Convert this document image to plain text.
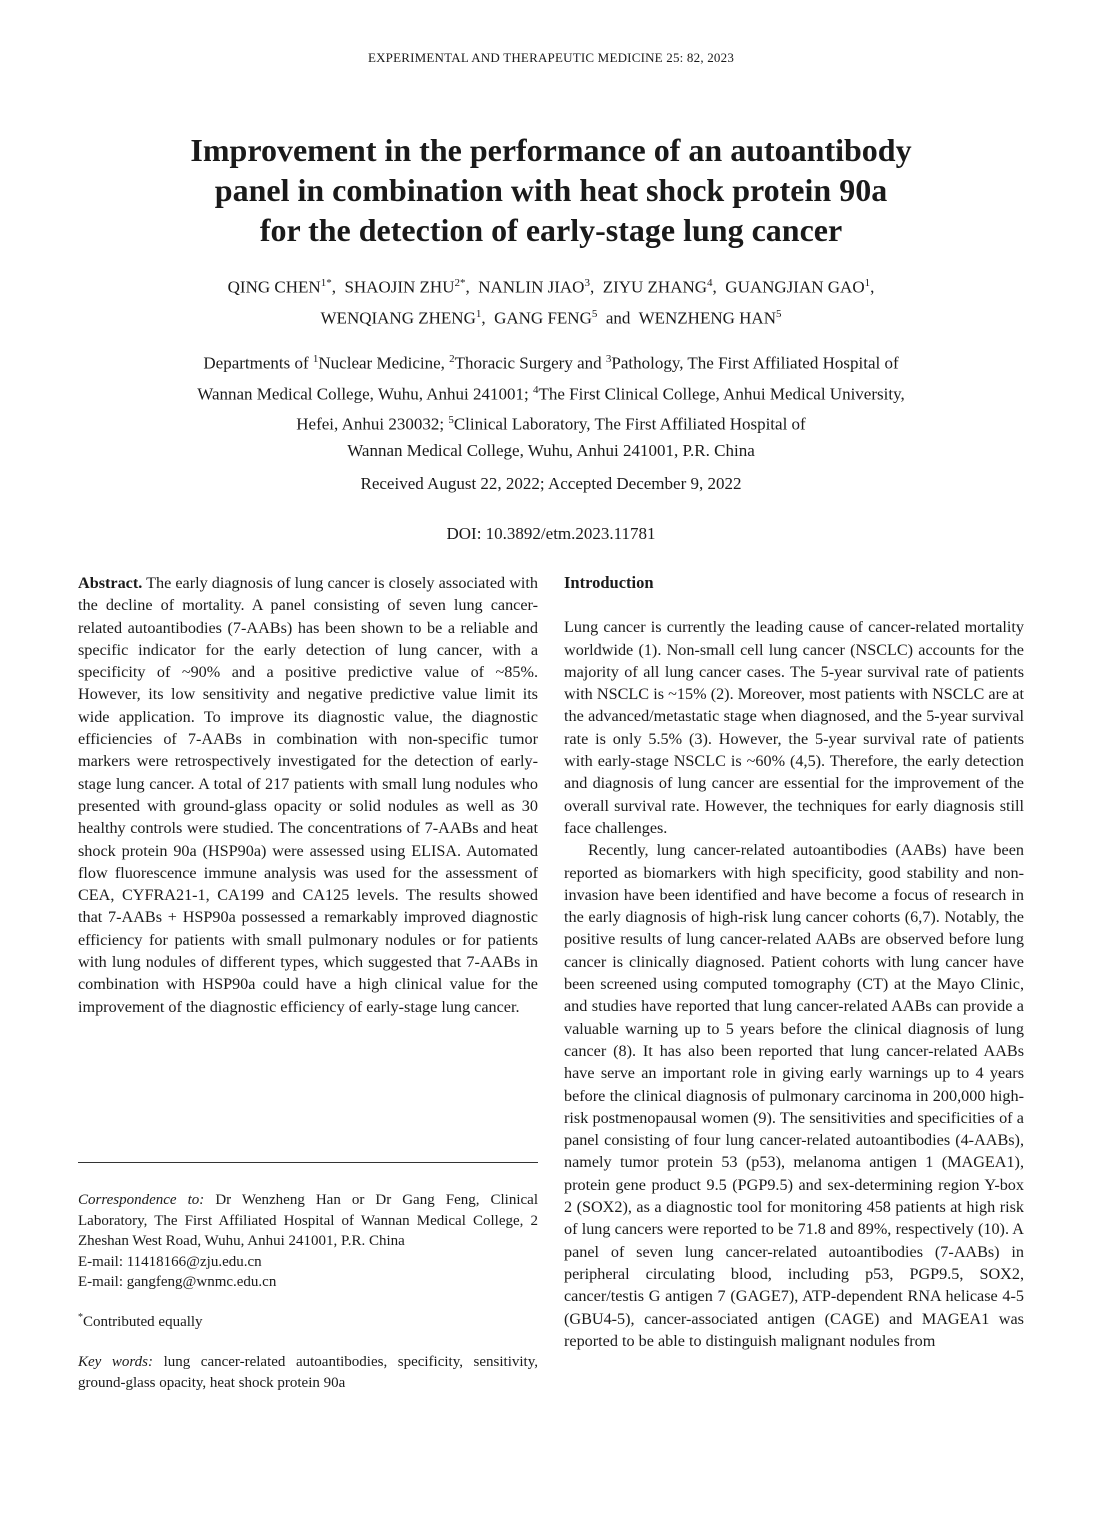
EXPERIMENTAL AND THERAPEUTIC MEDICINE 25: 82, 2023
Improvement in the performance of an autoantibody
panel in combination with heat shock protein 90a
for the detection of early-stage lung cancer
QING $CHEN^{1*}$,  SHAOJIN $ZHU^{2*}$,  NANLIN JIAO$^3$,  ZIYU ZHANG$^4$,  GUANGJIAN GAO$^1$,
WENQIANG ZHENG$^1$,  GANG FENG$^5$ and WENZHENG HAN$^5$
Departments of $^1$Nuclear Medicine, $^2$Thoracic Surgery and $^3$Pathology, The First Affiliated Hospital of
Wannan Medical College, Wuhu, Anhui 241001; $^4$The First Clinical College, Anhui Medical University,
Hefei, Anhui 230032; $^5$Clinical Laboratory, The First Affiliated Hospital of
Wannan Medical College, Wuhu, Anhui 241001, P.R. China
Received August 22, 2022; Accepted December 9, 2022
DOI: 10.3892/etm.2023.11781

Abstract. The early diagnosis of lung cancer is closely associated with the decline of mortality. A panel consisting of seven lung cancer-related autoantibodies (7-AABs) has been shown to be a reliable and specific indicator for the early detection of lung cancer, with a specificity of ~90% and a positive predictive value of ~85%. However, its low sensitivity and negative predictive value limit its wide application. To improve its diagnostic value, the diagnostic efficiencies of 7-AABs in combination with non-specific tumor markers were retrospectively investigated for the detection of early-stage lung cancer. A total of 217 patients with small lung nodules who presented with ground-glass opacity or solid nodules as well as 30 healthy controls were studied. The concentrations of 7-AABs and heat shock protein 90a (HSP90a) were assessed using ELISA. Automated flow fluorescence immune analysis was used for the assessment of CEA, CYFRA21-1, CA199 and CA125 levels. The results showed that 7-AABs + HSP90a possessed a remarkably improved diagnostic efficiency for patients with small pulmonary nodules or for patients with lung nodules of different types, which suggested that 7-AABs in combination with HSP90a could have a high clinical value for the improvement of the diagnostic efficiency of early-stage lung cancer.

Correspondence to: Dr Wenzheng Han or Dr Gang Feng, Clinical Laboratory, The First Affiliated Hospital of Wannan Medical College, 2 Zheshan West Road, Wuhu, Anhui 241001, P.R. China
E-mail: 11418166@zju.edu.cn
E-mail: gangfeng@wnmc.edu.cn
*Contributed equally
Key words: lung cancer-related autoantibodies, specificity, sensitivity, ground-glass opacity, heat shock protein 90a

Introduction

Lung cancer is currently the leading cause of cancer-related mortality worldwide (1). Non-small cell lung cancer (NSCLC) accounts for the majority of all lung cancer cases. The 5-year survival rate of patients with NSCLC is ~15% (2). Moreover, most patients with NSCLC are at the advanced/metastatic stage when diagnosed, and the 5-year survival rate is only 5.5% (3). However, the 5-year survival rate of patients with early-stage NSCLC is ~60% (4,5). Therefore, the early detection and diagnosis of lung cancer are essential for the improvement of the overall survival rate. However, the techniques for early diagnosis still face challenges.

Recently, lung cancer-related autoantibodies (AABs) have been reported as biomarkers with high specificity, good stability and non-invasion have been identified and have become a focus of research in the early diagnosis of high-risk lung cancer cohorts (6,7). Notably, the positive results of lung cancer-related AABs are observed before lung cancer is clinically diagnosed. Patient cohorts with lung cancer have been screened using computed tomography (CT) at the Mayo Clinic, and studies have reported that lung cancer-related AABs can provide a valuable warning up to 5 years before the clinical diagnosis of lung cancer (8). It has also been reported that lung cancer-related AABs have serve an important role in giving early warnings up to 4 years before the clinical diagnosis of pulmonary carcinoma in 200,000 high-risk postmenopausal women (9). The sensitivities and specificities of a panel consisting of four lung cancer-related autoantibodies (4-AABs), namely tumor protein 53 (p53), melanoma antigen 1 (MAGEA1), protein gene product 9.5 (PGP9.5) and sex-determining region Y-box 2 (SOX2), as a diagnostic tool for monitoring 458 patients at high risk of lung cancers were reported to be 71.8 and 89%, respectively (10). A panel of seven lung cancer-related autoantibodies (7-AABs) in peripheral circulating blood, including p53, PGP9.5, SOX2, cancer/testis G antigen 7 (GAGE7), ATP-dependent RNA helicase 4-5 (GBU4-5), cancer-associated antigen (CAGE) and MAGEA1 was reported to be able to distinguish malignant nodules from
